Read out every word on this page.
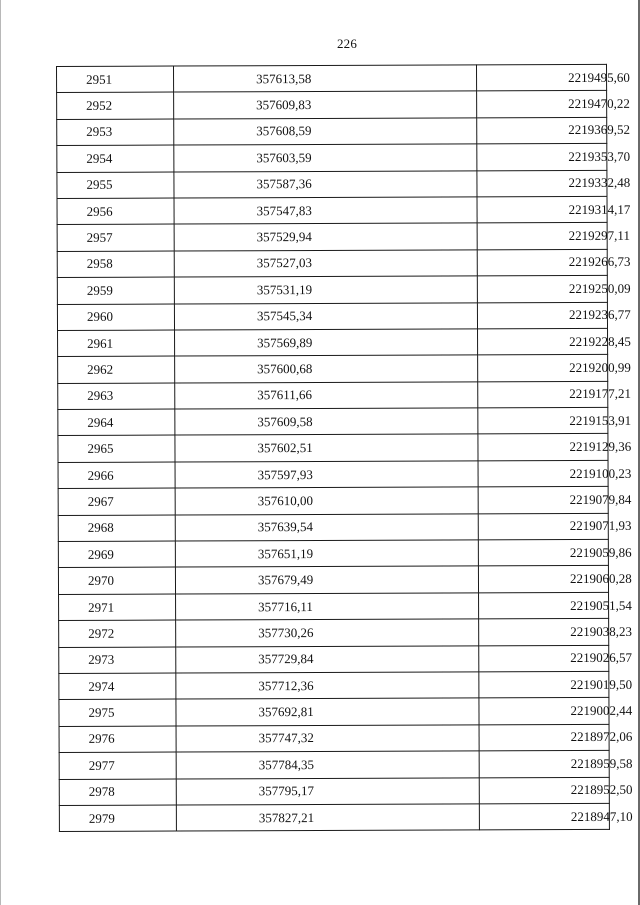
226
2951	357613,58	2219495,60
2952	357609,83	2219470,22
2953	357608,59	2219369,52
2954	357603,59	2219353,70
2955	357587,36	2219332,48
2956	357547,83	2219314,17
2957	357529,94	2219297,11
2958	357527,03	2219266,73
2959	357531,19	2219250,09
2960	357545,34	2219236,77
2961	357569,89	2219228,45
2962	357600,68	2219200,99
2963	357611,66	2219177,21
2964	357609,58	2219153,91
2965	357602,51	2219129,36
2966	357597,93	2219100,23
2967	357610,00	2219079,84
2968	357639,54	2219071,93
2969	357651,19	2219059,86
2970	357679,49	2219060,28
2971	357716,11	2219051,54
2972	357730,26	2219038,23
2973	357729,84	2219026,57
2974	357712,36	2219019,50
2975	357692,81	2219002,44
2976	357747,32	2218972,06
2977	357784,35	2218959,58
2978	357795,17	2218952,50
2979	357827,21	2218947,10
